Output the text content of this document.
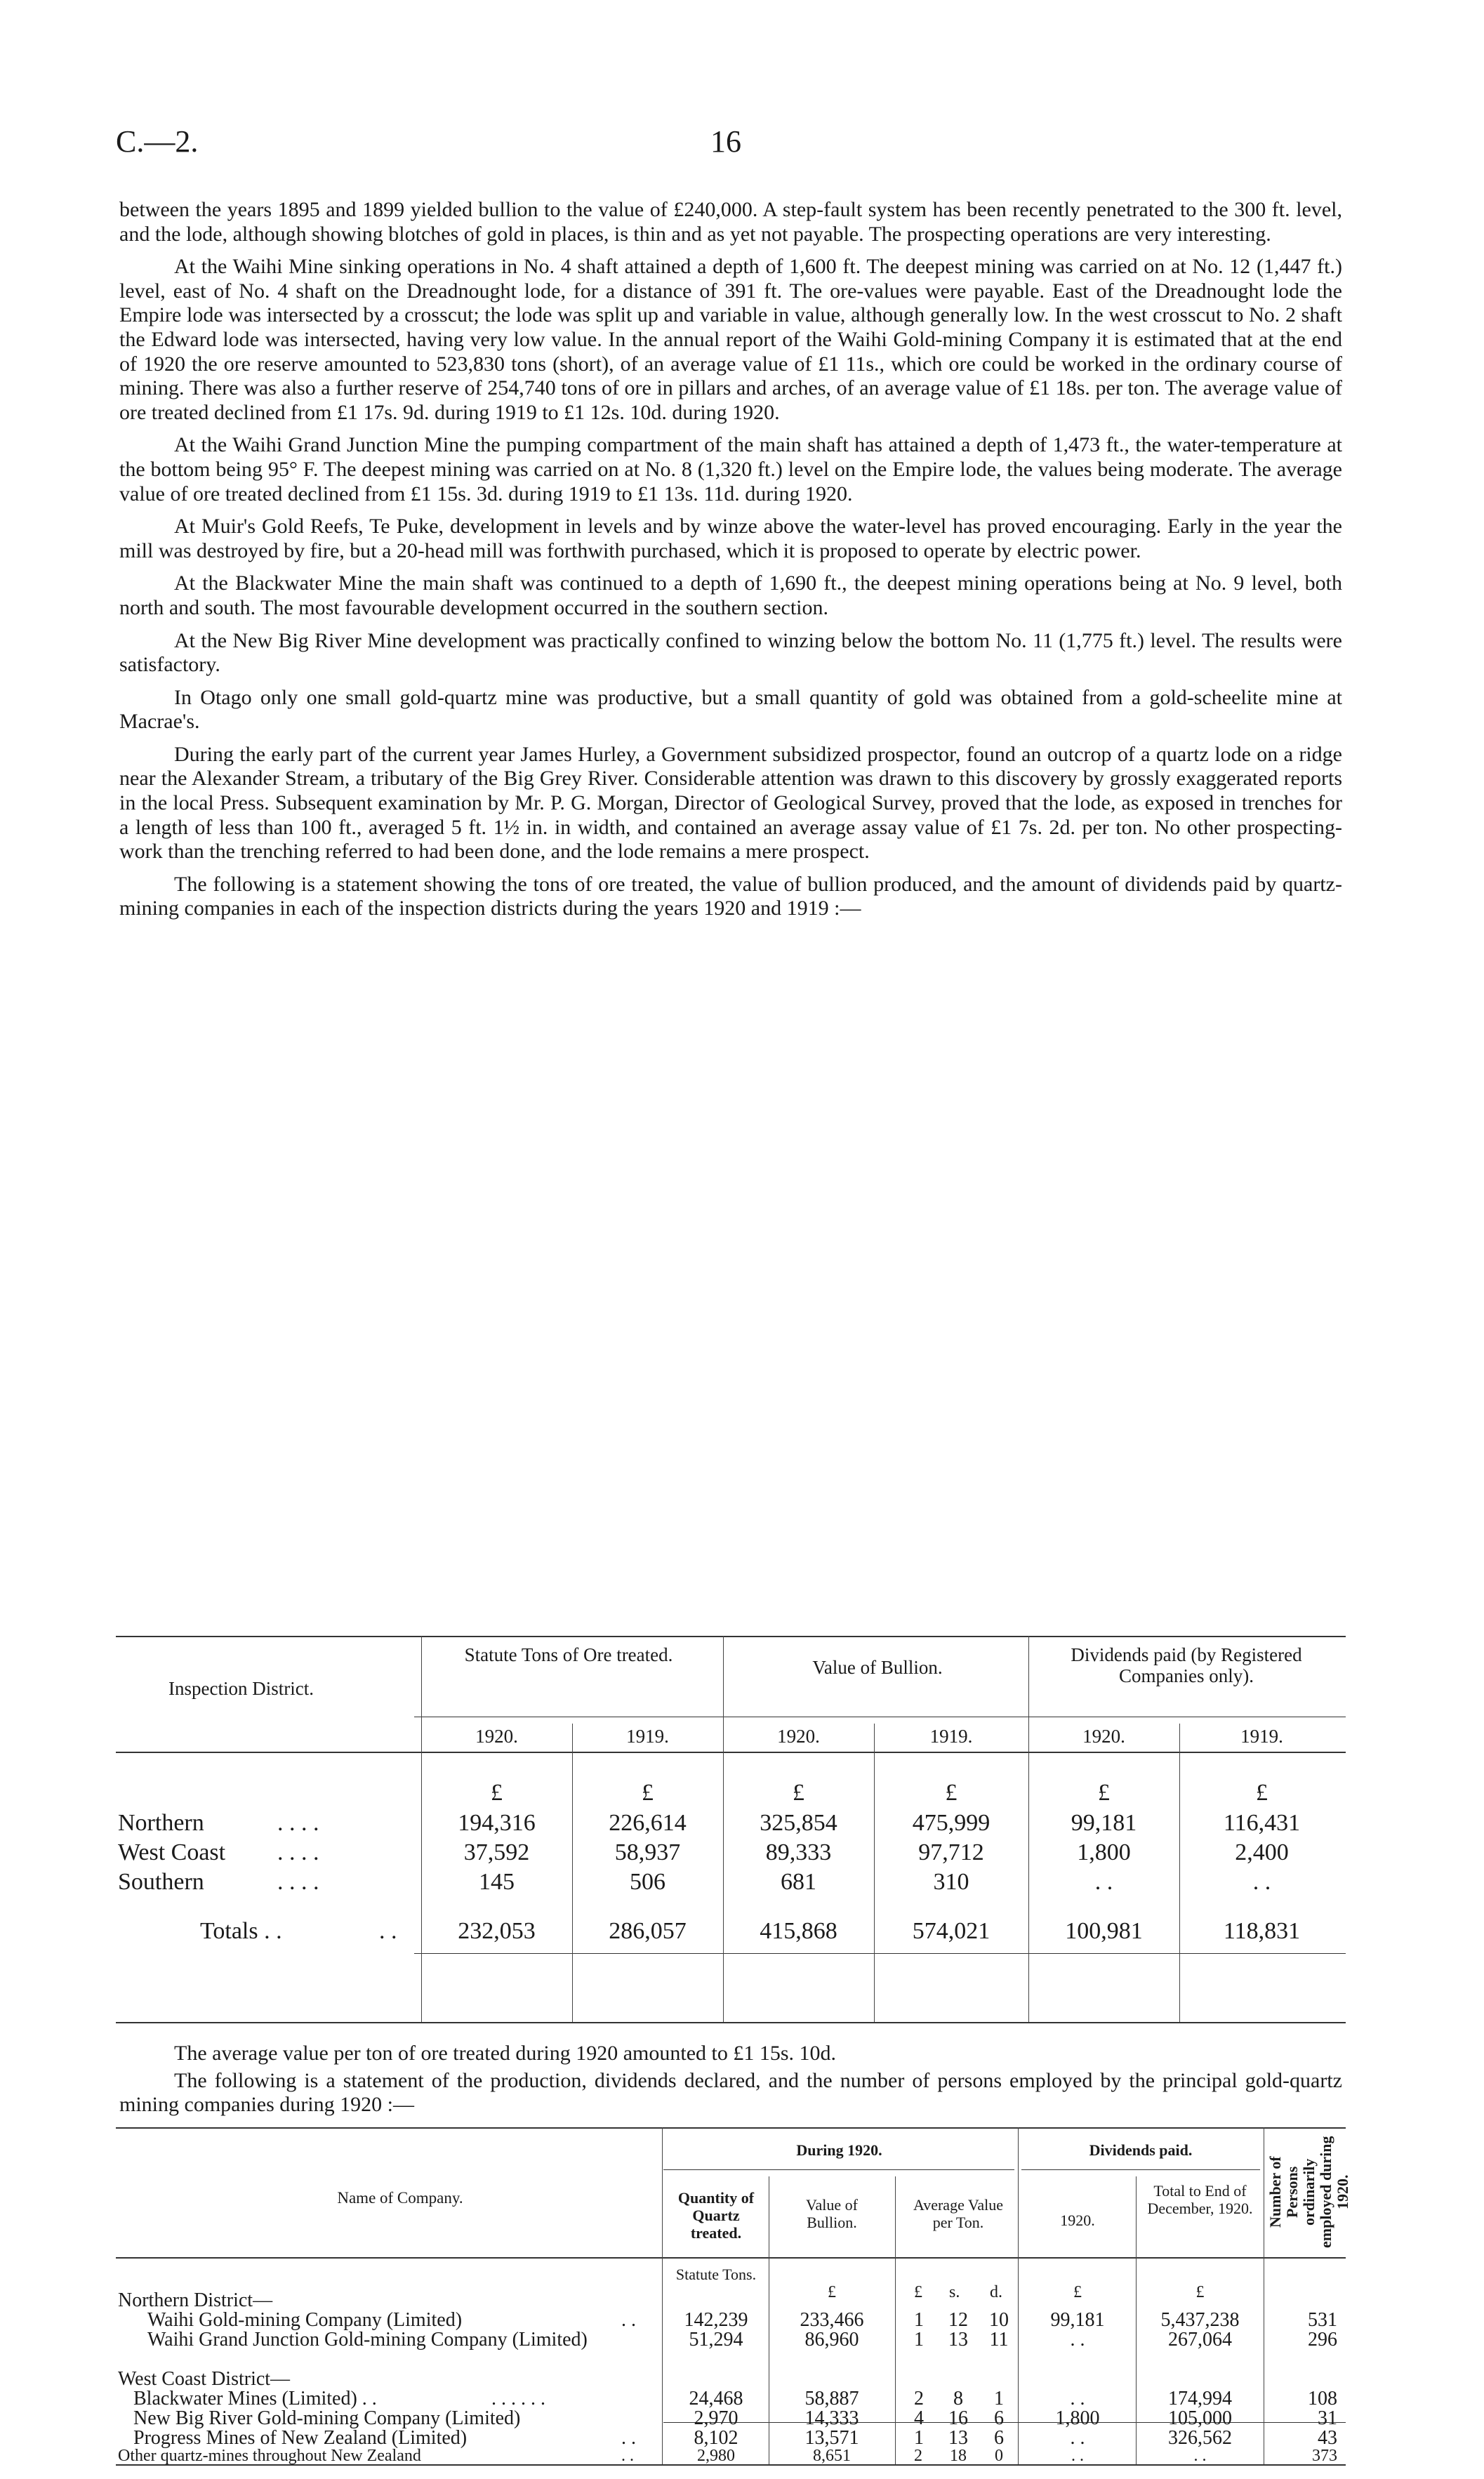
C.—2.	16

between the years 1895 and 1899 yielded bullion to the value of £240,000. A step-fault system has been recently penetrated to the 300 ft. level, and the lode, although showing blotches of gold in places, is thin and as yet not payable. The prospecting operations are very interesting.

At the Waihi Mine sinking operations in No. 4 shaft attained a depth of 1,600 ft. The deepest mining was carried on at No. 12 (1,447 ft.) level, east of No. 4 shaft on the Dreadnought lode, for a distance of 391 ft. The ore-values were payable. East of the Dreadnought lode the Empire lode was intersected by a crosscut; the lode was split up and variable in value, although generally low. In the west crosscut to No. 2 shaft the Edward lode was intersected, having very low value. In the annual report of the Waihi Gold-mining Company it is estimated that at the end of 1920 the ore reserve amounted to 523,830 tons (short), of an average value of £1 11s., which ore could be worked in the ordinary course of mining. There was also a further reserve of 254,740 tons of ore in pillars and arches, of an average value of £1 18s. per ton. The average value of ore treated declined from £1 17s. 9d. during 1919 to £1 12s. 10d. during 1920.

At the Waihi Grand Junction Mine the pumping compartment of the main shaft has attained a depth of 1,473 ft., the water-temperature at the bottom being 95° F. The deepest mining was carried on at No. 8 (1,320 ft.) level on the Empire lode, the values being moderate. The average value of ore treated declined from £1 15s. 3d. during 1919 to £1 13s. 11d. during 1920.

At Muir's Gold Reefs, Te Puke, development in levels and by winze above the water-level has proved encouraging. Early in the year the mill was destroyed by fire, but a 20-head mill was forthwith purchased, which it is proposed to operate by electric power.

At the Blackwater Mine the main shaft was continued to a depth of 1,690 ft., the deepest mining operations being at No. 9 level, both north and south. The most favourable development occurred in the southern section.

At the New Big River Mine development was practically confined to winzing below the bottom No. 11 (1,775 ft.) level. The results were satisfactory.

In Otago only one small gold-quartz mine was productive, but a small quantity of gold was obtained from a gold-scheelite mine at Macrae's.

During the early part of the current year James Hurley, a Government subsidized prospector, found an outcrop of a quartz lode on a ridge near the Alexander Stream, a tributary of the Big Grey River. Considerable attention was drawn to this discovery by grossly exaggerated reports in the local Press. Subsequent examination by Mr. P. G. Morgan, Director of Geological Survey, proved that the lode, as exposed in trenches for a length of less than 100 ft., averaged 5 ft. 1½ in. in width, and contained an average assay value of £1 7s. 2d. per ton. No other prospecting-work than the trenching referred to had been done, and the lode remains a mere prospect.

The following is a statement showing the tons of ore treated, the value of bullion produced, and the amount of dividends paid by quartz-mining companies in each of the inspection districts during the years 1920 and 1919 :—

Inspection District.
Statute Tons of Ore treated.
Value of Bullion.
Dividends paid (by Registered Companies only).
1920.	1919.	1920.	1919.	1920.	1919.
£	£	£	£	£	£
Northern	. . . .	194,316	226,614	325,854	475,999	99,181	116,431
West Coast . . . .	37,592	58,937	89,333	97,712	1,800	2,400
Southern	. . . .	145	506	681	310	. .	. .
Totals . .	. .	232,053	286,057	415,868	574,021	100,981	118,831

The average value per ton of ore treated during 1920 amounted to £1 15s. 10d.

The following is a statement of the production, dividends declared, and the number of persons employed by the principal gold-quartz mining companies during 1920 :—

Name of Company.
During 1920.
Quantity of Quartz treated.
Value of Bullion.
Average Value per Ton.
Dividends paid.
1920.
Total to End of December, 1920. Number of Persons ordinarily employed during 1920.
Statute Tons.
£	£ s. d.	£	£
Northern District—
Waihi Gold-mining Company (Limited)	. .	142,239	233,466	1 12 10	99,181	5,437,238	531
Waihi Grand Junction Gold-mining Company (Limited)	51,294	86,960	1 13 11	. .	267,064	296
West Coast District—
Blackwater Mines (Limited) . .	. . . . . .	24,468	58,887	2	8	1	. .	174,994	108
New Big River Gold-mining Company (Limited)	2,970	14,333	4 16	6	1,800	105,000	31
Progress Mines of New Zealand (Limited)	. .	8,102	13,571	1 13	6	. .	326,562	43
Other quartz-mines throughout New Zealand	. .	2,980	8,651	2	18	0	. .	. .	373
